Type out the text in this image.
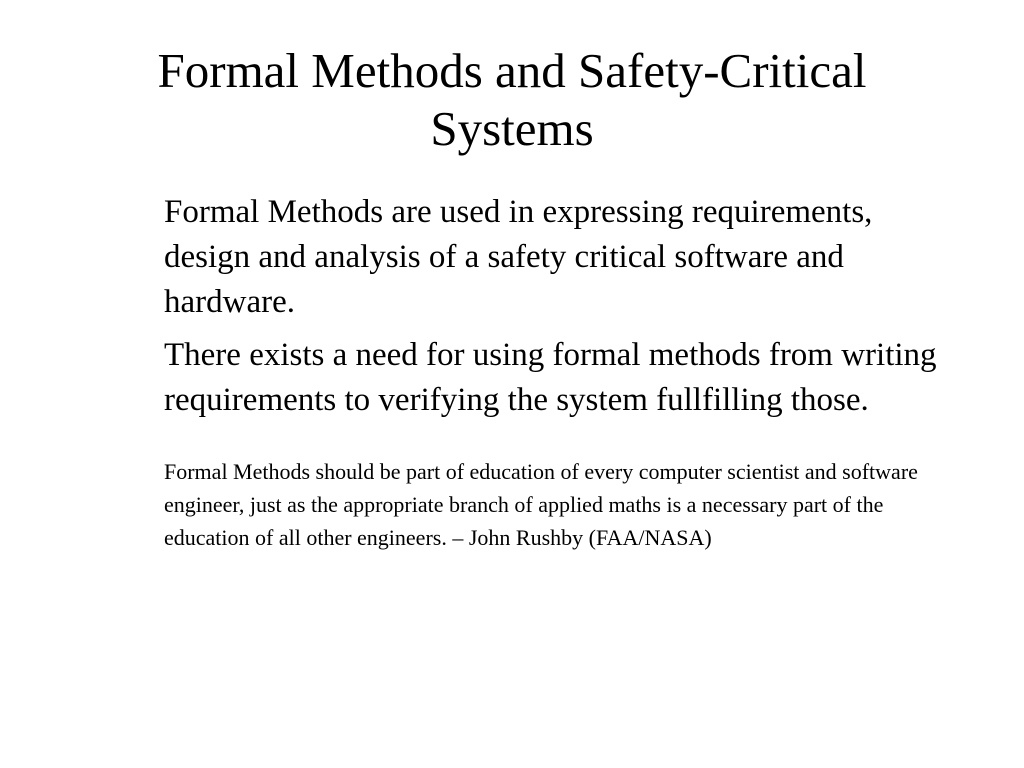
Formal Methods and Safety-Critical
Systems

Formal Methods are used in expressing requirements, design and analysis of a safety critical software and hardware.

There exists a need for using formal methods from writing requirements to verifying the system fullfilling those.

Formal Methods should be part of education of every computer scientist and software engineer, just as the appropriate branch of applied maths is a necessary part of the education of all other engineers. – John Rushby (FAA/NASA)
